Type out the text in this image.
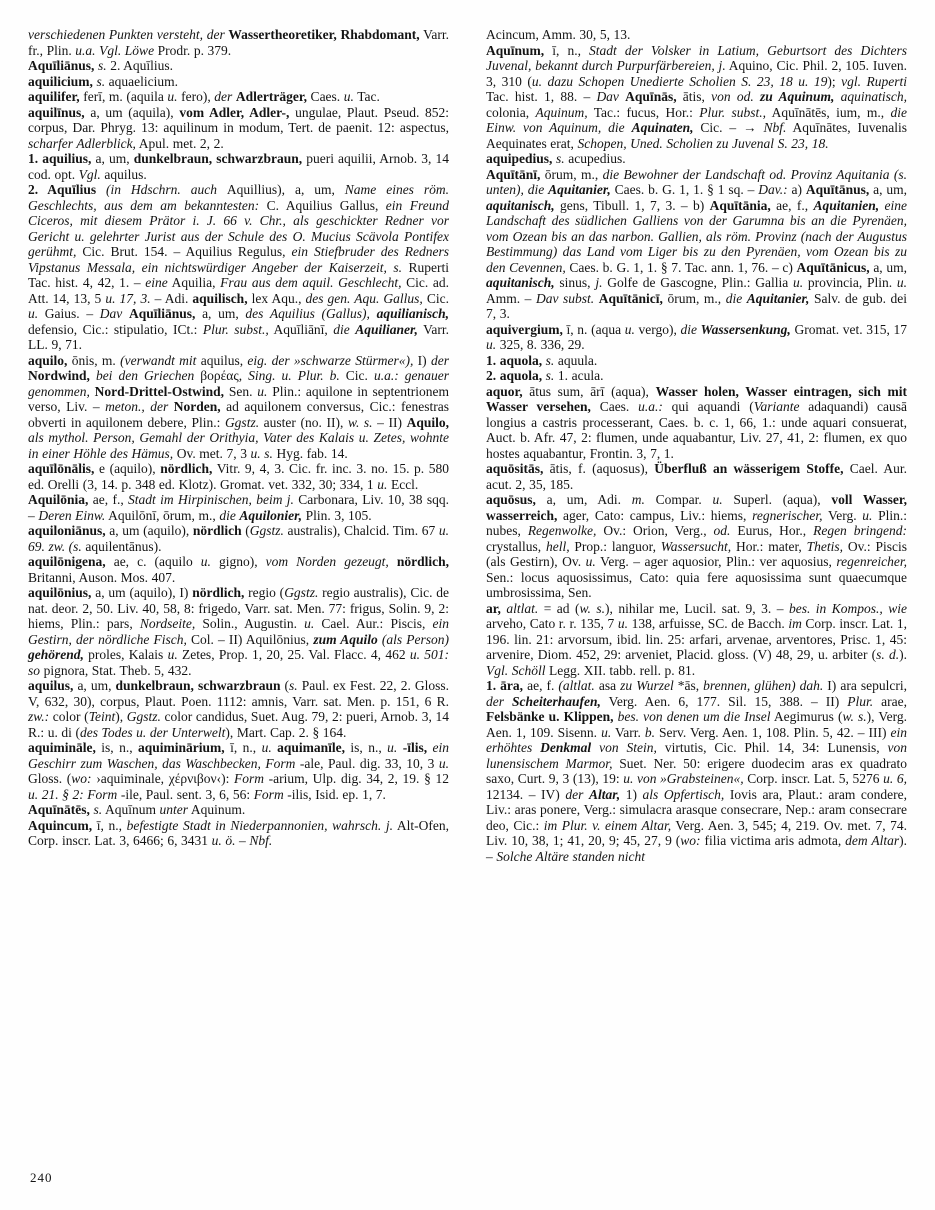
verschiedenen Punkten versteht, der Wassertheoretiker, Rhabdomant, Varr. fr., Plin. u.a. Vgl. Löwe Prodr. p. 379.

Aquīliānus, s. 2. Aquīlius.

aquilicium, s. aquaelicium.

aquilifer, ferī, m. (aquila u. fero), der Adlerträger, Caes. u. Tac.

aquilīnus, a, um (aquila), vom Adler, Adler-, ungulae, Plaut. Pseud. 852: corpus, Dar. Phryg. 13: aquilinum in modum, Tert. de paenit. 12: aspectus, scharfer Adlerblick, Apul. met. 2, 2.

1. aquilius, a, um, dunkelbraun, schwarzbraun, pueri aquilii, Arnob. 3, 14 cod. opt. Vgl. aquilus.

2. Aquīlius (in Hdschrn. auch Aquillius), a, um, Name eines röm. Geschlechts, aus dem am bekanntesten: C. Aquilius Gallus, ein Freund Ciceros, mit diesem Prätor i. J. 66 v. Chr., als geschickter Redner vor Gericht u. gelehrter Jurist aus der Schule des O. Mucius Scävola Pontifex gerühmt, Cic. Brut. 154. – Aquilius Regulus, ein Stiefbruder des Redners Vipstanus Messala, ein nichtswürdiger Angeber der Kaiserzeit, s. Ruperti Tac. hist. 4, 42, 1. – eine Aquilia, Frau aus dem aquil. Geschlecht, Cic. ad. Att. 14, 13, 5 u. 17, 3. – Adi. aquilisch, lex Aqu., des gen. Aqu. Gallus, Cic. u. Gaius. – Dav Aquīliānus, a, um, des Aquilius (Gallus), aquilianisch, defensio, Cic.: stipulatio, ICt.: Plur. subst., Aquīliānī, die Aquilianer, Varr. LL. 9, 71.

aquilo, ōnis, m. (verwandt mit aquilus, eig. der »schwarze Stürmer«), I) der Nordwind, bei den Griechen βορέας, Sing. u. Plur. b. Cic. u.a.: genauer genommen, Nord-Drittel-Ostwind, Sen. u. Plin.: aquilone in septentrionem verso, Liv. – meton., der Norden, ad aquilonem conversus, Cic.: fenestras obverti in aquilonem debere, Plin.: Ggstz. auster (no. II), w. s. – II) Aquilo, als mythol. Person, Gemahl der Orithyia, Vater des Kalais u. Zetes, wohnte in einer Höhle des Hämus, Ov. met. 7, 3 u. s. Hyg. fab. 14.

aquīlōnālis, e (aquilo), nördlich, Vitr. 9, 4, 3. Cic. fr. inc. 3. no. 15. p. 580 ed. Orelli (3, 14. p. 348 ed. Klotz). Gromat. vet. 332, 30; 334, 1 u. Eccl.

Aquilōnia, ae, f., Stadt im Hirpinischen, beim j. Carbonara, Liv. 10, 38 sqq. – Deren Einw. Aquilōnī, ōrum, m., die Aquilonier, Plin. 3, 105.

aquiloniānus, a, um (aquilo), nördlich (Ggstz. australis), Chalcid. Tim. 67 u. 69. zw. (s. aquilentānus).

aquilōnigena, ae, c. (aquilo u. gigno), vom Norden gezeugt, nördlich, Britanni, Auson. Mos. 407.

aquilōnius, a, um (aquilo), I) nördlich, regio (Ggstz. regio australis), Cic. de nat. deor. 2, 50. Liv. 40, 58, 8: frigedo, Varr. sat. Men. 77: frigus, Solin. 9, 2: hiems, Plin.: pars, Nordseite, Solin., Augustin. u. Cael. Aur.: Piscis, ein Gestirn, der nördliche Fisch, Col. – II) Aquilōnius, zum Aquilo (als Person) gehörend, proles, Kalais u. Zetes, Prop. 1, 20, 25. Val. Flacc. 4, 462 u. 501: so pignora, Stat. Theb. 5, 432.

aquilus, a, um, dunkelbraun, schwarzbraun (s. Paul. ex Fest. 22, 2. Gloss. V, 632, 30), corpus, Plaut. Poen. 1112: amnis, Varr. sat. Men. p. 151, 6 R. zw.: color (Teint), Ggstz. color candidus, Suet. Aug. 79, 2: pueri, Arnob. 3, 14 R.: u. di (des Todes u. der Unterwelt), Mart. Cap. 2. § 164.

aquimināle, is, n., aquiminārium, ī, n., u. aquimanīle, is, n., u. -īlis, ein Geschirr zum Waschen, das Waschbecken, Form -ale, Paul. dig. 33, 10, 3 u. Gloss. (wo: ›aquiminale, χέρνιβον‹): Form -arium, Ulp. dig. 34, 2, 19. § 12 u. 21. § 2: Form -ile, Paul. sent. 3, 6, 56: Form -ilis, Isid. ep. 1, 7.

Aquīnātēs, s. Aquīnum unter Aquinum.

Aquincum, ī, n., befestigte Stadt in Niederpannonien, wahrsch. j. Alt-Ofen, Corp. inscr. Lat. 3, 6466; 6, 3431 u. ö. – Nbf.

Acincum, Amm. 30, 5, 13.

Aquīnum, ī, n., Stadt der Volsker in Latium, Geburtsort des Dichters Juvenal, bekannt durch Purpurfärbereien, j. Aquino, Cic. Phil. 2, 105. Iuven. 3, 310 (u. dazu Schopen Unedierte Scholien S. 23, 18 u. 19); vgl. Ruperti Tac. hist. 1, 88. – Dav Aquīnās, ātis, von od. zu Aquinum, aquinatisch, colonia, Aquinum, Tac.: fucus, Hor.: Plur. subst., Aquīnātēs, ium, m., die Einw. von Aquinum, die Aquinaten, Cic. – → Nbf. Aquīnātes, Iuvenalis Aequinates erat, Schopen, Uned. Scholien zu Juvenal S. 23, 18.

aquipedius, s. acupedius.

Aquītānī, ōrum, m., die Bewohner der Landschaft od. Provinz Aquitania (s. unten), die Aquitanier, Caes. b. G. 1, 1. § 1 sq. – Dav.: a) Aquītānus, a, um, aquitanisch, gens, Tibull. 1, 7, 3. – b) Aquītānia, ae, f., Aquitanien, eine Landschaft des südlichen Galliens von der Garumna bis an die Pyrenäen, vom Ozean bis an das narbon. Gallien, als röm. Provinz (nach der Augustus Bestimmung) das Land vom Liger bis zu den Pyrenäen, vom Ozean bis zu den Cevennen, Caes. b. G. 1, 1. § 7. Tac. ann. 1, 76. – c) Aquītānicus, a, um, aquitanisch, sinus, j. Golfe de Gascogne, Plin.: Gallia u. provincia, Plin. u. Amm. – Dav subst. Aquītānicī, ōrum, m., die Aquitanier, Salv. de gub. dei 7, 3.

aquivergium, ī, n. (aqua u. vergo), die Wassersenkung, Gromat. vet. 315, 17 u. 325, 8. 336, 29.

1. aquola, s. aquula.

2. aquola, s. 1. acula.

aquor, ātus sum, ārī (aqua), Wasser holen, Wasser eintragen, sich mit Wasser versehen, Caes. u.a.: qui aquandi (Variante adaquandi) causā longius a castris processerant, Caes. b. c. 1, 66, 1.: unde aquari consuerat, Auct. b. Afr. 47, 2: flumen, unde aquabantur, Liv. 27, 41, 2: flumen, ex quo hostes aquabantur, Frontin. 3, 7, 1.

aquōsitās, ātis, f. (aquosus), Überfluß an wässerigem Stoffe, Cael. Aur. acut. 2, 35, 185.

aquōsus, a, um, Adi. m. Compar. u. Superl. (aqua), voll Wasser, wasserreich, ager, Cato: campus, Liv.: hiems, regnerischer, Verg. u. Plin.: nubes, Regenwolke, Ov.: Orion, Verg., od. Eurus, Hor., Regen bringend: crystallus, hell, Prop.: languor, Wassersucht, Hor.: mater, Thetis, Ov.: Piscis (als Gestirn), Ov. u. Verg. – ager aquosior, Plin.: ver aquosius, regenreicher, Sen.: locus aquosissimus, Cato: quia fere aquosissima sunt quaecumque umbrosissima, Sen.

ar, altlat. = ad (w. s.), nihilar me, Lucil. sat. 9, 3. – bes. in Kompos., wie arveho, Cato r. r. 135, 7 u. 138, arfuisse, SC. de Bacch. im Corp. inscr. Lat. 1, 196. lin. 21: arvorsum, ibid. lin. 25: arfari, arvenae, arventores, Prisc. 1, 45: arvenire, Diom. 452, 29: arveniet, Placid. gloss. (V) 48, 29, u. arbiter (s. d.). Vgl. Schöll Legg. XII. tabb. rell. p. 81.

1. āra, ae, f. (altlat. asa zu Wurzel *ās, brennen, glühen) dah. I) ara sepulcri, der Scheiterhaufen, Verg. Aen. 6, 177. Sil. 15, 388. – II) Plur. arae, Felsbänke u. Klippen, bes. von denen um die Insel Aegimurus (w. s.), Verg. Aen. 1, 109. Sisenn. u. Varr. b. Serv. Verg. Aen. 1, 108. Plin. 5, 42. – III) ein erhöhtes Denkmal von Stein, virtutis, Cic. Phil. 14, 34: Lunensis, von lunensischem Marmor, Suet. Ner. 50: erigere duodecim aras ex quadrato saxo, Curt. 9, 3 (13), 19: u. von »Grabsteinen«, Corp. inscr. Lat. 5, 5276 u. 6, 12134. – IV) der Altar, 1) als Opfertisch, Iovis ara, Plaut.: aram condere, Liv.: aras ponere, Verg.: simulacra arasque consecrare, Nep.: aram consecrare deo, Cic.: im Plur. v. einem Altar, Verg. Aen. 3, 545; 4, 219. Ov. met. 7, 74. Liv. 10, 38, 1; 41, 20, 9; 45, 27, 9 (wo: filia victima aris admota, dem Altar). – Solche Altäre standen nicht

240
